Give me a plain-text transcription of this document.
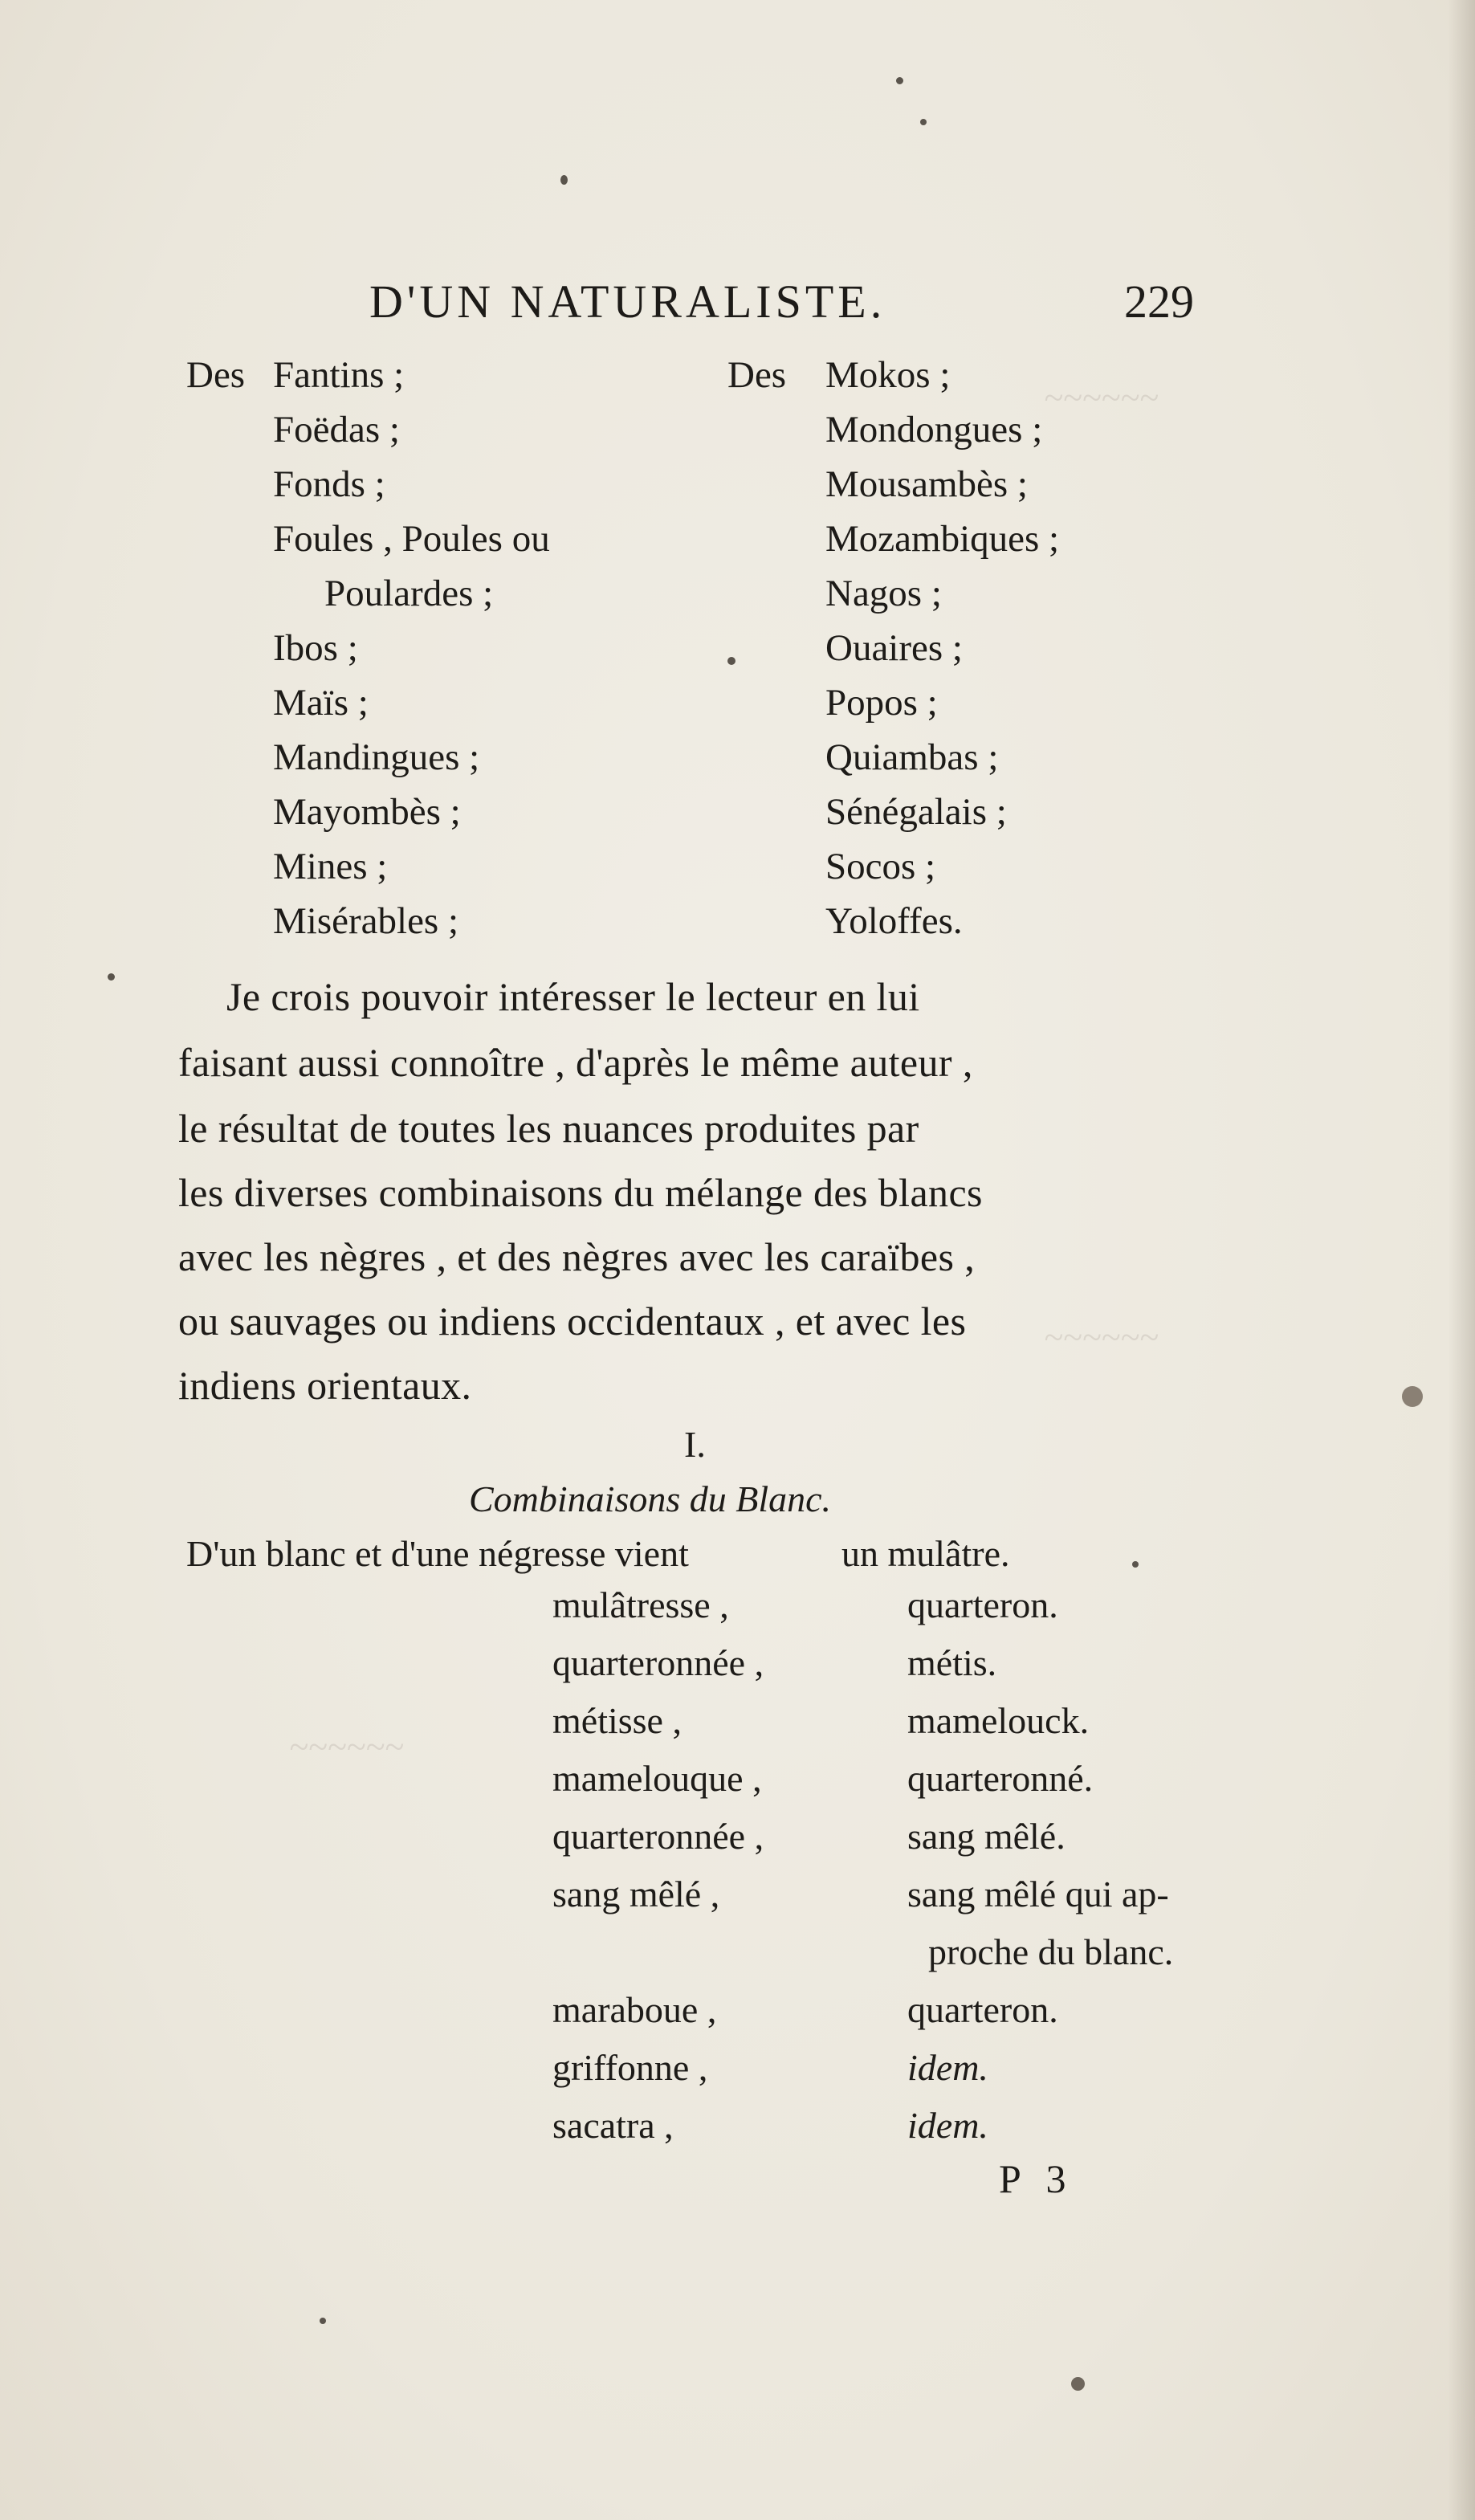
~~~~~~
~~~~~~
~~~~~~
D'UN NATURALISTE.	229
Des Fantins ;
Foëdas ;
Fonds ;
Foules , Poules ou
Poulardes ;
Ibos ;
Maïs ;
Mandingues ;
Mayombès ;
Mines ;
Misérables ;
Des Mokos ;
Mondongues ;
Mousambès ;
Mozambiques ;
Nagos ;
Ouaires ;
Popos ;
Quiambas ;
Sénégalais ;
Socos ;
Yoloffes.
Je crois pouvoir intéresser le lecteur en lui
faisant aussi connoître , d'après le même auteur ,
le résultat de toutes les nuances produites par
les diverses combinaisons du mélange des blancs
avec les nègres , et des nègres avec les caraïbes ,
ou sauvages ou indiens occidentaux , et avec les
indiens orientaux.
I.
Combinaisons du Blanc.
D'un blanc et d'une négresse vient	un mulâtre.
mulâtresse ,	quarteron.
quarteronnée ,	métis.
métisse ,	mamelouck.
mamelouque ,	quarteronné.
quarteronnée ,	sang mêlé.
sang mêlé ,	sang mêlé qui ap-
proche du blanc.
maraboue ,	quarteron.
griffonne ,	idem.
sacatra ,	idem.
P 3
